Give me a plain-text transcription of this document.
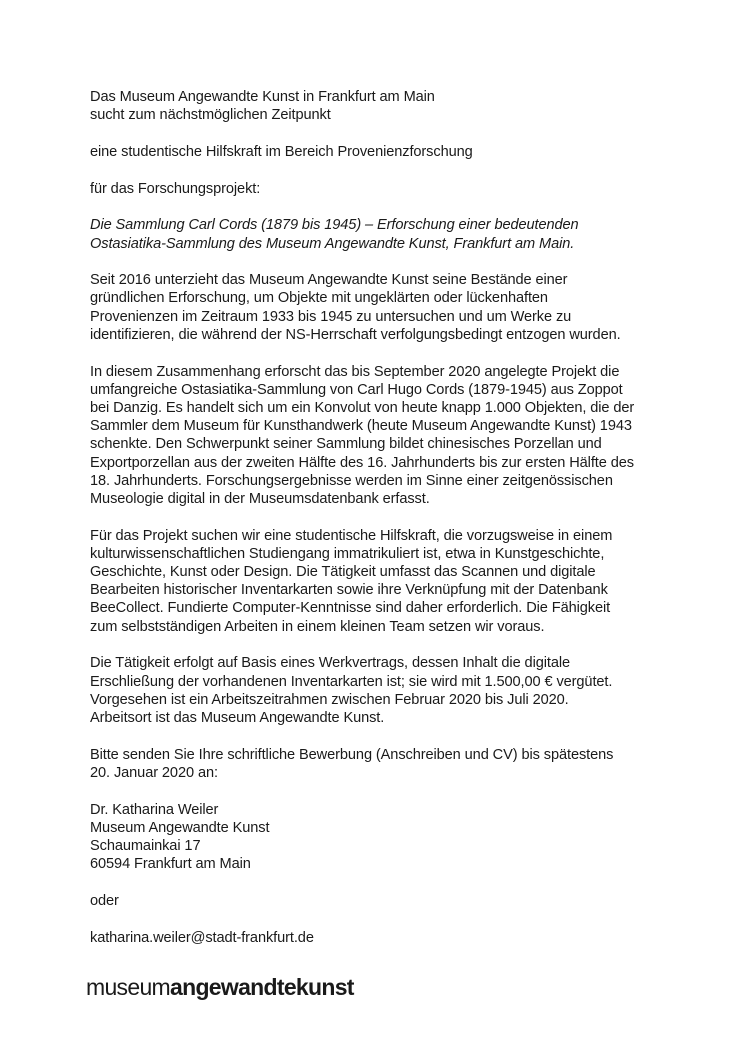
Das Museum Angewandte Kunst in Frankfurt am Main
sucht zum nächstmöglichen Zeitpunkt
eine studentische Hilfskraft im Bereich Provenienzforschung
für das Forschungsprojekt:
Die Sammlung Carl Cords (1879 bis 1945) – Erforschung einer bedeutenden
Ostasiatika-Sammlung des Museum Angewandte Kunst, Frankfurt am Main.
Seit 2016 unterzieht das Museum Angewandte Kunst seine Bestände einer
gründlichen Erforschung, um Objekte mit ungeklärten oder lückenhaften
Provenienzen im Zeitraum 1933 bis 1945 zu untersuchen und um Werke zu
identifizieren, die während der NS-Herrschaft verfolgungsbedingt entzogen wurden.
In diesem Zusammenhang erforscht das bis September 2020 angelegte Projekt die
umfangreiche Ostasiatika-Sammlung von Carl Hugo Cords (1879-1945) aus Zoppot
bei Danzig. Es handelt sich um ein Konvolut von heute knapp 1.000 Objekten, die der
Sammler dem Museum für Kunsthandwerk (heute Museum Angewandte Kunst) 1943
schenkte. Den Schwerpunkt seiner Sammlung bildet chinesisches Porzellan und
Exportporzellan aus der zweiten Hälfte des 16. Jahrhunderts bis zur ersten Hälfte des
18. Jahrhunderts. Forschungsergebnisse werden im Sinne einer zeitgenössischen
Museologie digital in der Museumsdatenbank erfasst.
Für das Projekt suchen wir eine studentische Hilfskraft, die vorzugsweise in einem
kulturwissenschaftlichen Studiengang immatrikuliert ist, etwa in Kunstgeschichte,
Geschichte, Kunst oder Design. Die Tätigkeit umfasst das Scannen und digitale
Bearbeiten historischer Inventarkarten sowie ihre Verknüpfung mit der Datenbank
BeeCollect. Fundierte Computer-Kenntnisse sind daher erforderlich. Die Fähigkeit
zum selbstständigen Arbeiten in einem kleinen Team setzen wir voraus.
Die Tätigkeit erfolgt auf Basis eines Werkvertrags, dessen Inhalt die digitale
Erschließung der vorhandenen Inventarkarten ist; sie wird mit 1.500,00 € vergütet.
Vorgesehen ist ein Arbeitszeitrahmen zwischen Februar 2020 bis Juli 2020.
Arbeitsort ist das Museum Angewandte Kunst.
Bitte senden Sie Ihre schriftliche Bewerbung (Anschreiben und CV) bis spätestens
20. Januar 2020 an:
Dr. Katharina Weiler
Museum Angewandte Kunst
Schaumainkai 17
60594 Frankfurt am Main
oder
katharina.weiler@stadt-frankfurt.de
museumangewandtekunst
